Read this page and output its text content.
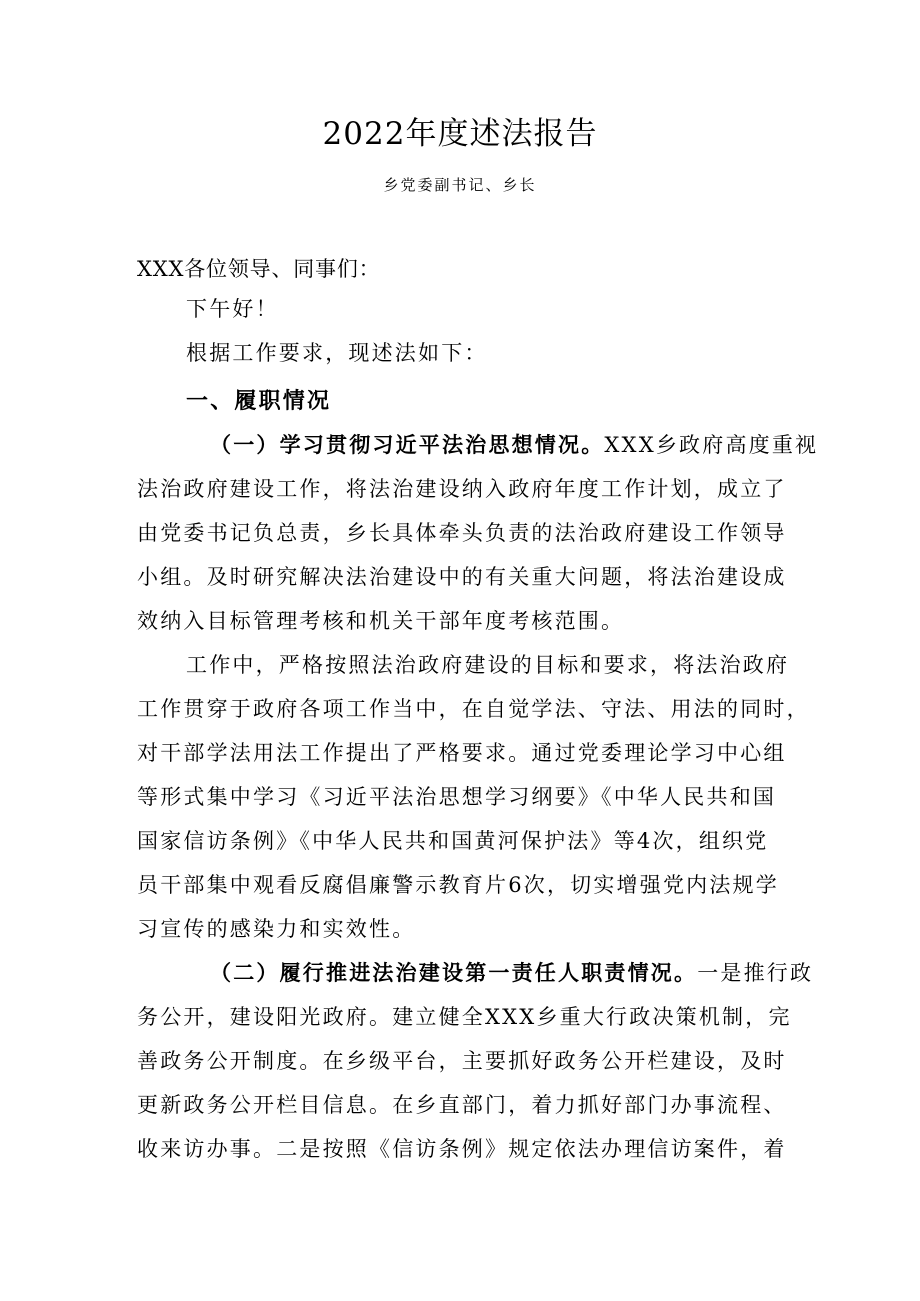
2022年度述法报告
乡党委副书记、乡长
XXX各位领导、同事们：
下午好！
根据工作要求，现述法如下：
一、履职情况
（一）学习贯彻习近平法治思想情况。XXX乡政府高度重视
法治政府建设工作，将法治建设纳入政府年度工作计划，成立了
由党委书记负总责，乡长具体牵头负责的法治政府建设工作领导
小组。及时研究解决法治建设中的有关重大问题，将法治建设成
效纳入目标管理考核和机关干部年度考核范围。
工作中，严格按照法治政府建设的目标和要求，将法治政府
工作贯穿于政府各项工作当中，在自觉学法、守法、用法的同时，
对干部学法用法工作提出了严格要求。通过党委理论学习中心组
等形式集中学习《习近平法治思想学习纲要》《中华人民共和国
国家信访条例》《中华人民共和国黄河保护法》等4次，组织党
员干部集中观看反腐倡廉警示教育片6次，切实增强党内法规学
习宣传的感染力和实效性。
（二）履行推进法治建设第一责任人职责情况。一是推行政
务公开，建设阳光政府。建立健全XXX乡重大行政决策机制，完
善政务公开制度。在乡级平台，主要抓好政务公开栏建设，及时
更新政务公开栏目信息。在乡直部门，着力抓好部门办事流程、
收来访办事。二是按照《信访条例》规定依法办理信访案件，着
